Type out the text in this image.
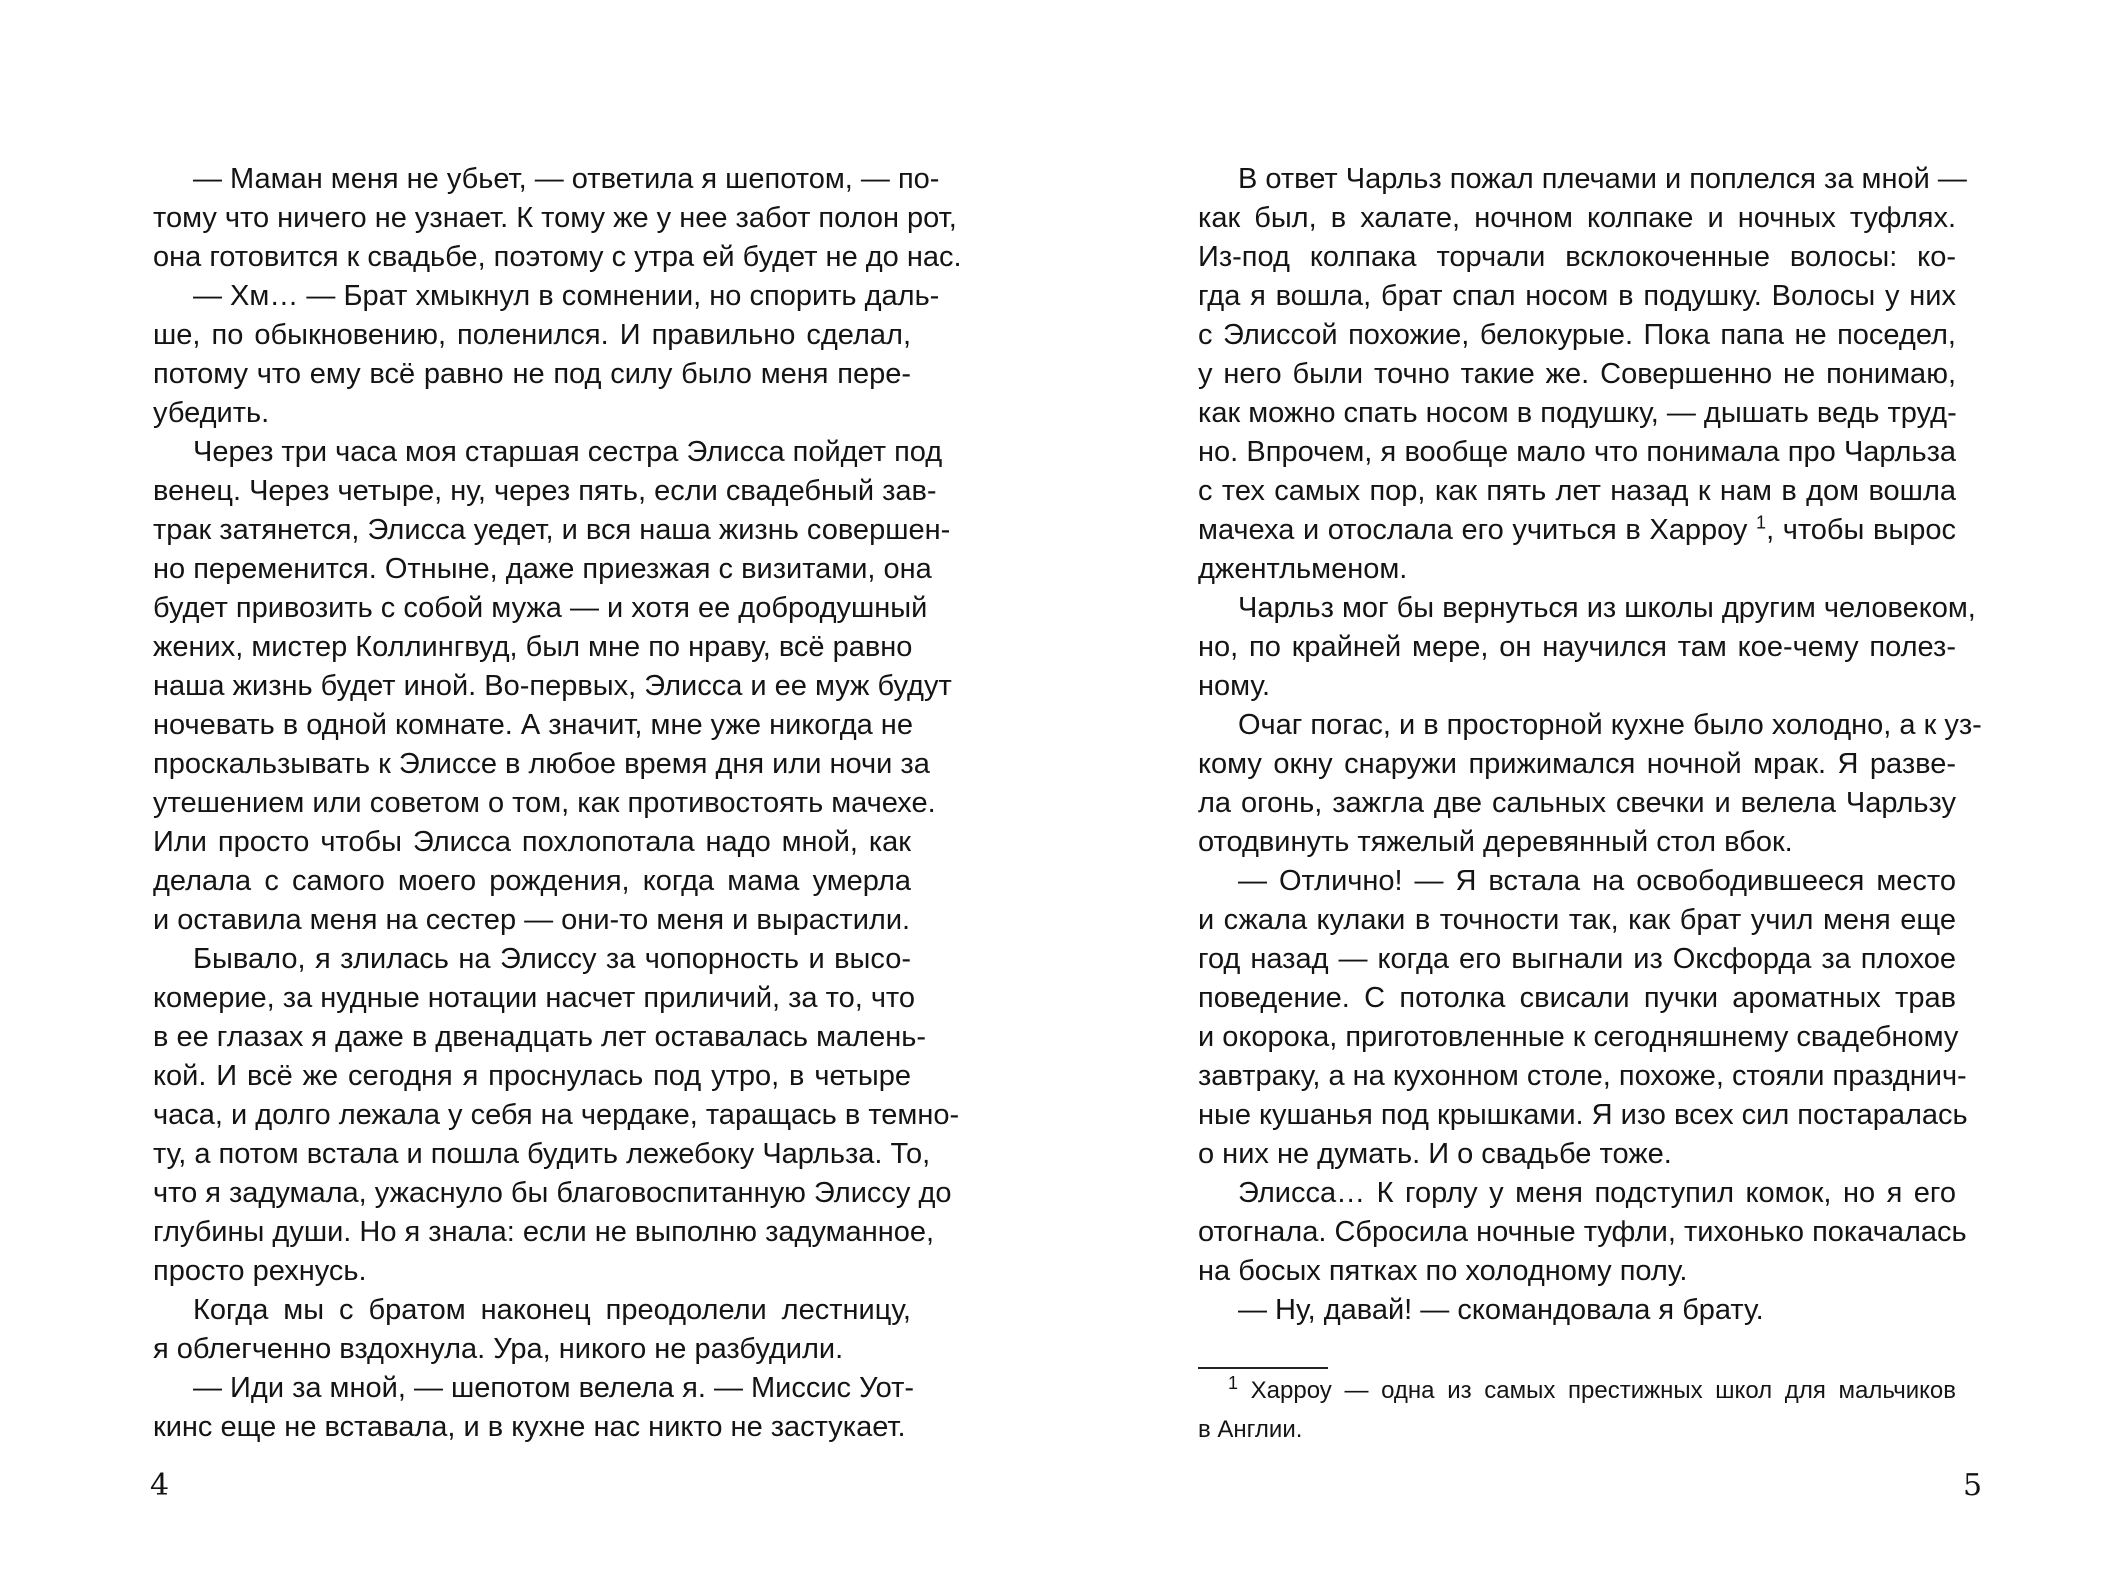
— Маман меня не убьет, — ответила я шепотом, — по-
тому что ничего не узнает. К тому же у нее забот полон рот,
она готовится к свадьбе, поэтому с утра ей будет не до нас.
— Хм… — Брат хмыкнул в сомнении, но спорить даль-
ше, по обыкновению, поленился. И правильно сделал,
потому что ему всё равно не под силу было меня пере-
убедить.
Через три часа моя старшая сестра Элисса пойдет под
венец. Через четыре, ну, через пять, если свадебный зав-
трак затянется, Элисса уедет, и вся наша жизнь совершен-
но переменится. Отныне, даже приезжая с визитами, она
будет привозить с собой мужа — и хотя ее добродушный
жених, мистер Коллингвуд, был мне по нраву, всё равно
наша жизнь будет иной. Во-первых, Элисса и ее муж будут
ночевать в одной комнате. А значит, мне уже никогда не
проскальзывать к Элиссе в любое время дня или ночи за
утешением или советом о том, как противостоять мачехе.
Или просто чтобы Элисса похлопотала надо мной, как
делала с самого моего рождения, когда мама умерла
и оставила меня на сестер — они-то меня и вырастили.
Бывало, я злилась на Элиссу за чопорность и высо-
комерие, за нудные нотации насчет приличий, за то, что
в ее глазах я даже в двенадцать лет оставалась малень-
кой. И всё же сегодня я проснулась под утро, в четыре
часа, и долго лежала у себя на чердаке, таращась в темно-
ту, а потом встала и пошла будить лежебоку Чарльза. То,
что я задумала, ужаснуло бы благовоспитанную Элиссу до
глубины души. Но я знала: если не выполню задуманное,
просто рехнусь.
Когда мы с братом наконец преодолели лестницу,
я облегченно вздохнула. Ура, никого не разбудили.
— Иди за мной, — шепотом велела я. — Миссис Уот-
кинс еще не вставала, и в кухне нас никто не застукает.
4
В ответ Чарльз пожал плечами и поплелся за мной —
как был, в халате, ночном колпаке и ночных туфлях.
Из-под колпака торчали всклокоченные волосы: ко-
гда я вошла, брат спал носом в подушку. Волосы у них
с Элиссой похожие, белокурые. Пока папа не поседел,
у него были точно такие же. Совершенно не понимаю,
как можно спать носом в подушку, — дышать ведь труд-
но. Впрочем, я вообще мало что понимала про Чарльза
с тех самых пор, как пять лет назад к нам в дом вошла
мачеха и отослала его учиться в Харроу $^1$, чтобы вырос
джентльменом.
Чарльз мог бы вернуться из школы другим человеком,
но, по крайней мере, он научился там кое-чему полез-
ному.
Очаг погас, и в просторной кухне было холодно, а к уз-
кому окну снаружи прижимался ночной мрак. Я разве-
ла огонь, зажгла две сальных свечки и велела Чарльзу
отодвинуть тяжелый деревянный стол вбок.
— Отлично! — Я встала на освободившееся место
и сжала кулаки в точности так, как брат учил меня еще
год назад — когда его выгнали из Оксфорда за плохое
поведение. С потолка свисали пучки ароматных трав
и окорока, приготовленные к сегодняшнему свадебному
завтраку, а на кухонном столе, похоже, стояли празднич-
ные кушанья под крышками. Я изо всех сил постаралась
о них не думать. И о свадьбе тоже.
Элисса… К горлу у меня подступил комок, но я его
отогнала. Сбросила ночные туфли, тихонько покачалась
на босых пятках по холодному полу.
— Ну, давай! — скомандовала я брату.
$^1$ Харроу — одна из самых престижных школ для мальчиков
в Англии.
5
